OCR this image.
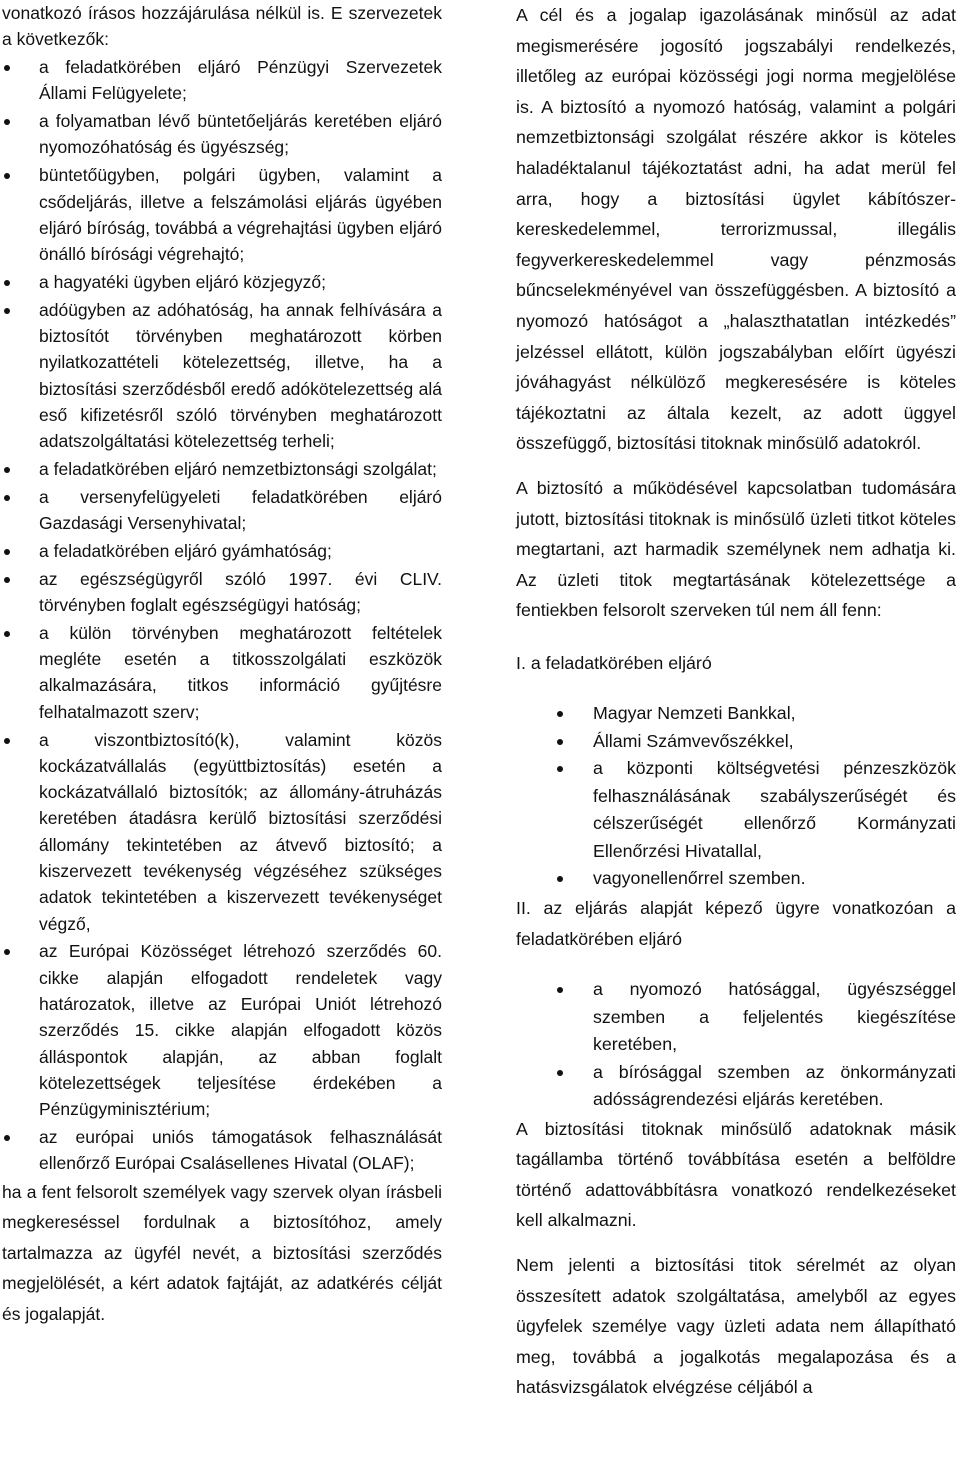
vonatkozó írásos hozzájárulása nélkül is. E szervezetek a következők:

a feladatkörében eljáró Pénzügyi Szervezetek Állami Felügyelete;
a folyamatban lévő büntetőeljárás keretében eljáró nyomozóhatóság és ügyészség;
büntetőügyben, polgári ügyben, valamint a csődeljárás, illetve a felszámolási eljárás ügyében eljáró bíróság, továbbá a végrehajtási ügyben eljáró önálló bírósági végrehajtó;
a hagyatéki ügyben eljáró közjegyző;
adóügyben az adóhatóság, ha annak felhívására a biztosítót törvényben meghatározott körben nyilatkozattételi kötelezettség, illetve, ha a biztosítási szerződésből eredő adókötelezettség alá eső kifizetésről szóló törvényben meghatározott adatszolgáltatási kötelezettség terheli;
a feladatkörében eljáró nemzetbiztonsági szolgálat;
a versenyfelügyeleti feladatkörében eljáró Gazdasági Versenyhivatal;
a feladatkörében eljáró gyámhatóság;
az egészségügyről szóló 1997. évi CLIV. törvényben foglalt egészségügyi hatóság;
a külön törvényben meghatározott feltételek megléte esetén a titkosszolgálati eszközök alkalmazására, titkos információ gyűjtésre felhatalmazott szerv;
a viszontbiztosító(k), valamint közös kockázatvállalás (együttbiztosítás) esetén a kockázatvállaló biztosítók; az állomány-átruházás keretében átadásra kerülő biztosítási szerződési állomány tekintetében az átvevő biztosító; a kiszervezett tevékenység végzéséhez szükséges adatok tekintetében a kiszervezett tevékenységet végző,
az Európai Közösséget létrehozó szerződés 60. cikke alapján elfogadott rendeletek vagy határozatok, illetve az Európai Uniót létrehozó szerződés 15. cikke alapján elfogadott közös álláspontok alapján, az abban foglalt kötelezettségek teljesítése érdekében a Pénzügyminisztérium;
az európai uniós támogatások felhasználását ellenőrző Európai Csalásellenes Hivatal (OLAF);

ha a fent felsorolt személyek vagy szervek olyan írásbeli megkereséssel fordulnak a biztosítóhoz, amely tartalmazza az ügyfél nevét, a biztosítási szerződés megjelölését, a kért adatok fajtáját, az adatkérés célját és jogalapját.

A cél és a jogalap igazolásának minősül az adat megismerésére jogosító jogszabályi rendelkezés, illetőleg az európai közösségi jogi norma megjelölése is. A biztosító a nyomozó hatóság, valamint a polgári nemzetbiztonsági szolgálat részére akkor is köteles haladéktalanul tájékoztatást adni, ha adat merül fel arra, hogy a biztosítási ügylet kábítószer-kereskedelemmel, terrorizmussal, illegális fegyverkereskedelemmel vagy pénzmosás bűncselekményével van összefüggésben. A biztosító a nyomozó hatóságot a „halaszthatatlan intézkedés” jelzéssel ellátott, külön jogszabályban előírt ügyészi jóváhagyást nélkülöző megkeresésére is köteles tájékoztatni az általa kezelt, az adott üggyel összefüggő, biztosítási titoknak minősülő adatokról.

A biztosító a működésével kapcsolatban tudomására jutott, biztosítási titoknak is minősülő üzleti titkot köteles megtartani, azt harmadik személynek nem adhatja ki. Az üzleti titok megtartásának kötelezettsége a fentiekben felsorolt szerveken túl nem áll fenn:

I. a feladatkörében eljáró

Magyar Nemzeti Bankkal,
Állami Számvevőszékkel,
a központi költségvetési pénzeszközök felhasználásának szabályszerűségét és célszerűségét ellenőrző Kormányzati Ellenőrzési Hivatallal,
vagyonellenőrrel szemben.

II. az eljárás alapját képező ügyre vonatkozóan a feladatkörében eljáró

a nyomozó hatósággal, ügyészséggel szemben a feljelentés kiegészítése keretében,
a bírósággal szemben az önkormányzati adósságrendezési eljárás keretében.

A biztosítási titoknak minősülő adatoknak másik tagállamba történő továbbítása esetén a belföldre történő adattovábbításra vonatkozó rendelkezéseket kell alkalmazni.

Nem jelenti a biztosítási titok sérelmét az olyan összesített adatok szolgáltatása, amelyből az egyes ügyfelek személye vagy üzleti adata nem állapítható meg, továbbá a jogalkotás megalapozása és a hatásvizsgálatok elvégzése céljából a
